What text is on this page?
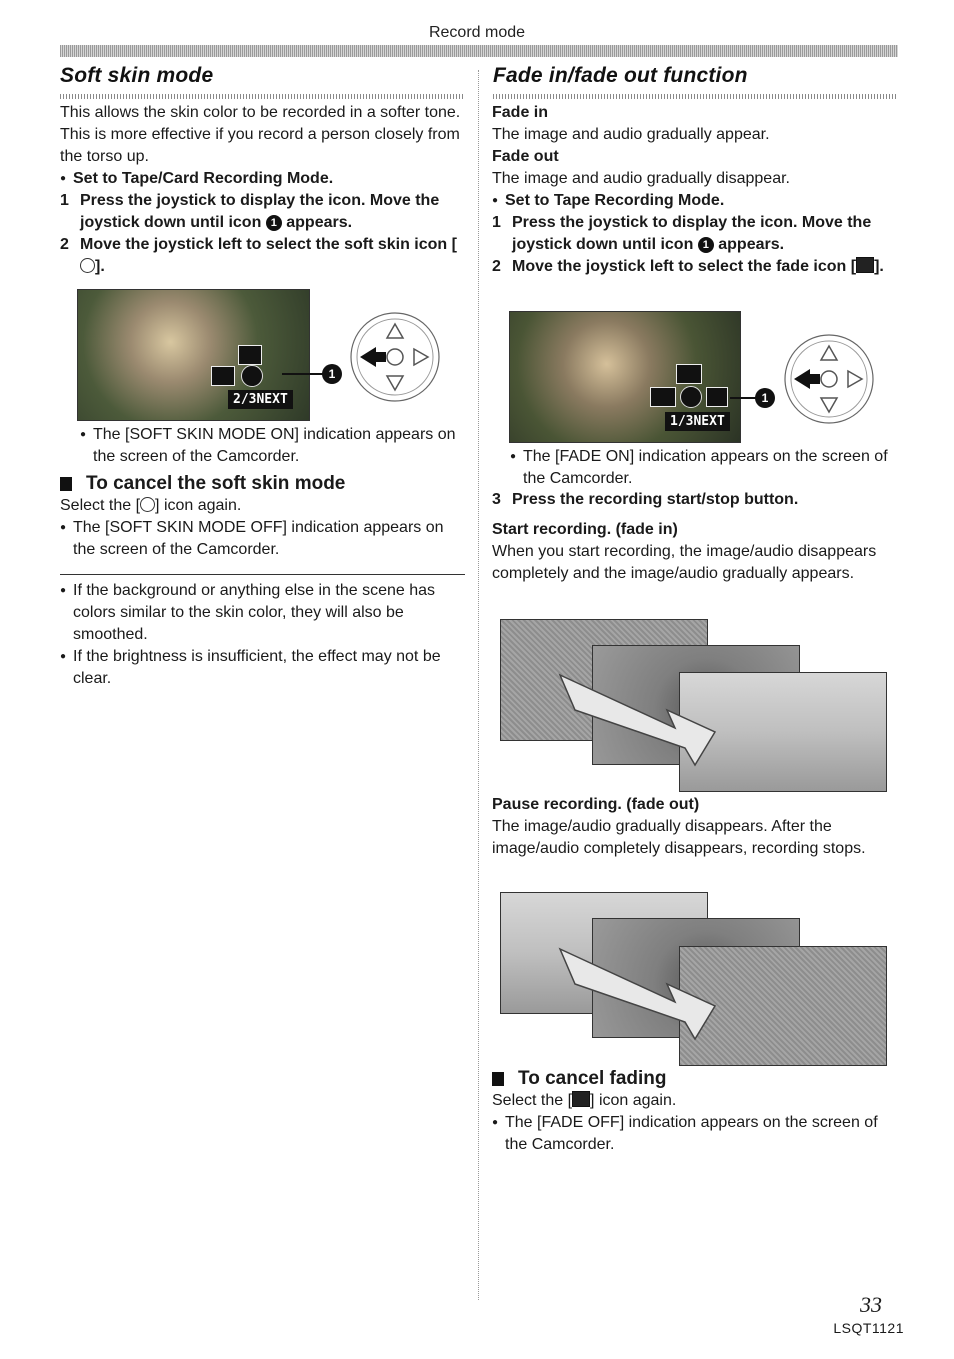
Record mode
Soft skin mode

This allows the skin color to be recorded in a softer tone. This is more effective if you record a person closely from the torso up.

● Set to Tape/Card Recording Mode.

1 Press the joystick to display the icon. Move the joystick down until icon 1 appears.

2 Move the joystick left to select the soft skin icon [].

2/3NEXT
1

● The [SOFT SKIN MODE ON] indication appears on the screen of the Camcorder.

To cancel the soft skin mode

Select the [ ] icon again.

● The [SOFT SKIN MODE OFF] indication appears on the screen of the Camcorder.

● If the background or anything else in the scene has colors similar to the skin color, they will also be smoothed.

● If the brightness is insufficient, the effect may not be clear.

Fade in/fade out function

Fade in

The image and audio gradually appear.

Fade out

The image and audio gradually disappear.

● Set to Tape Recording Mode.

1 Press the joystick to display the icon. Move the joystick down until icon 1 appears.

2 Move the joystick left to select the fade icon [ ].

1/3NEXT
1

● The [FADE ON] indication appears on the screen of the Camcorder.

3 Press the recording start/stop button.

Start recording. (fade in)

When you start recording, the image/audio disappears completely and the image/audio gradually appears.

Pause recording. (fade out)

The image/audio gradually disappears. After the image/audio completely disappears, recording stops.

To cancel fading

Select the [ ] icon again.

● The [FADE OFF] indication appears on the screen of the Camcorder.

33
LSQT1121
